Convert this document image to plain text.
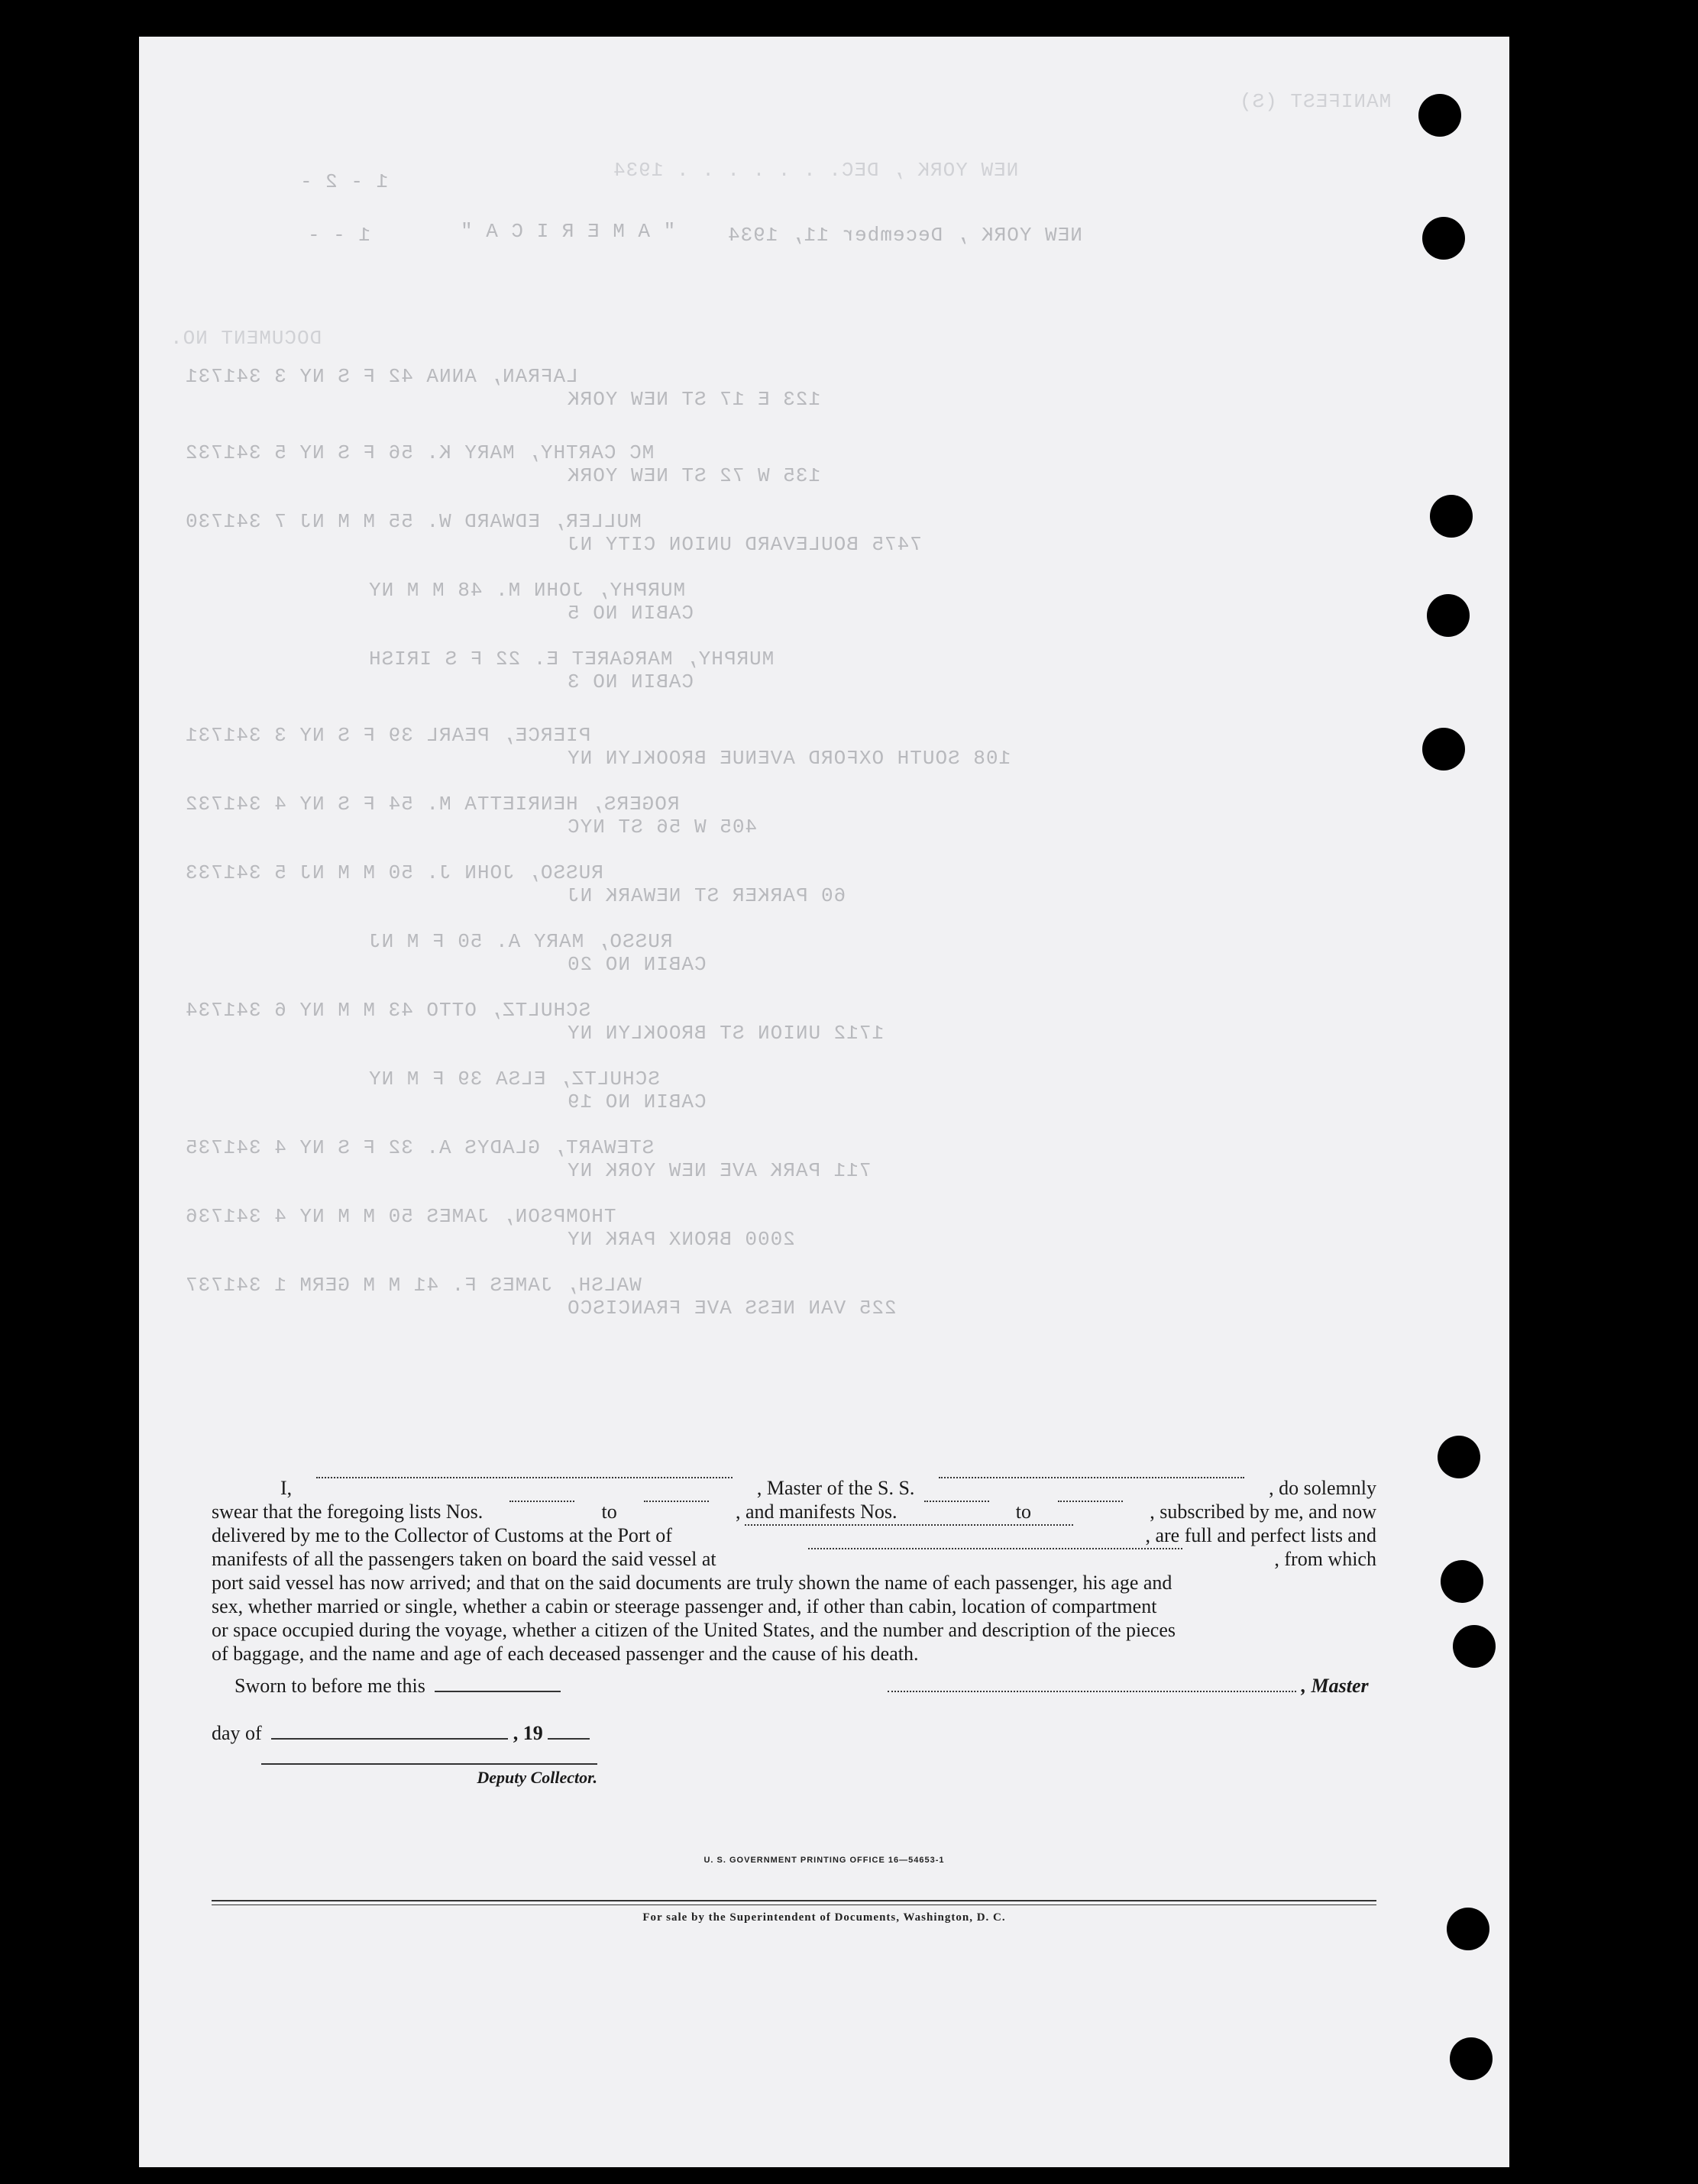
MANIFEST (S)
NEW YORK , DEC. . . . . . . 1934
1 - 2 -
" A M E R I C A "	NEW YORK , December 11, 1934
1 - -
DOCUMENT NO.
LAFRAN, ANNA 42 F S NY 3 341731
123 E 17 ST NEW YORK
MC CARTHY, MARY K. 56 F S NY 5 341732
135 W 72 ST NEW YORK
MULLER, EDWARD W. 55 M M NJ 7 341730
7475 BOULEVARD UNION CITY NJ
MURPHY, JOHN M. 48 M M NY
CABIN NO 5
MURPHY, MARGARET E. 22 F S IRISH
CABIN NO 3
PIERCE, PEARL 39 F S NY 3 341731
108 SOUTH OXFORD AVENUE BROOKLYN NY
ROGERS, HENRIETTA M. 54 F S NY 4 341732
405 W 56 ST NYC
RUSSO, JOHN J. 50 M M NJ 5 341733
60 PARKER ST NEWARK NJ
RUSSO, MARY A. 50 F M NJ
CABIN NO 20
SCHULTZ, OTTO 43 M M NY 6 341734
1712 UNION ST BROOKLYN NY
SCHULTZ, ELSA 39 F M NY
CABIN NO 19
STEWART, GLADYS A. 32 F S NY 4 341735
711 PARK AVE NEW YORK NY
THOMPSON, JAMES 50 M M NY 4 341736
2000 BRONX PARK NY
WALSH, JAMES F. 41 M M GERM 1 341737
225 VAN NESS AVE FRANCISCO
I,	, Master of the S. S.	, do solemnly
swear that the foregoing lists Nos.	to	, and manifests Nos.	to	, subscribed by me, and now
delivered by me to the Collector of Customs at the Port of	, are full and perfect lists and
manifests of all the passengers taken on board the said vessel at	, from which
port said vessel has now arrived; and that on the said documents are truly shown the name of each passenger, his age and
sex, whether married or single, whether a cabin or steerage passenger and, if other than cabin, location of compartment
or space occupied during the voyage, whether a citizen of the United States, and the number and description of the pieces
of baggage, and the name and age of each deceased passenger and the cause of his death.
Sworn to before me this	, Master
day of	, 19
Deputy Collector.
U. S. GOVERNMENT PRINTING OFFICE 16—54653-1
For sale by the Superintendent of Documents, Washington, D. C.
